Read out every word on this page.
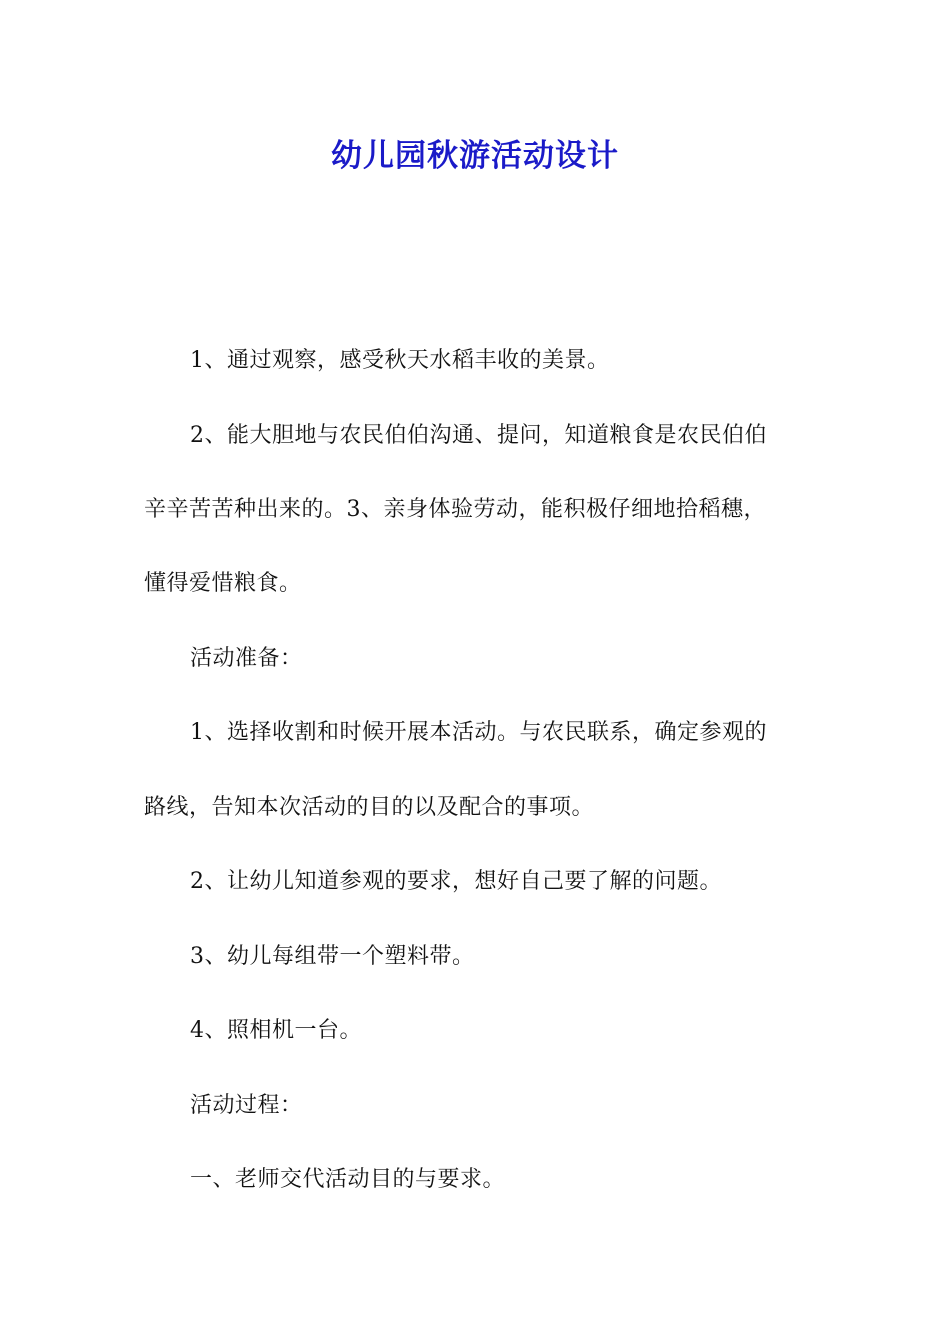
幼儿园秋游活动设计
1、通过观察，感受秋天水稻丰收的美景。
2、能大胆地与农民伯伯沟通、提问，知道粮食是农民伯伯
辛辛苦苦种出来的。3、亲身体验劳动，能积极仔细地拾稻穗，
懂得爱惜粮食。
活动准备：
1、选择收割和时候开展本活动。与农民联系，确定参观的
路线，告知本次活动的目的以及配合的事项。
2、让幼儿知道参观的要求，想好自己要了解的问题。
3、幼儿每组带一个塑料带。
4、照相机一台。
活动过程：
一、老师交代活动目的与要求。
